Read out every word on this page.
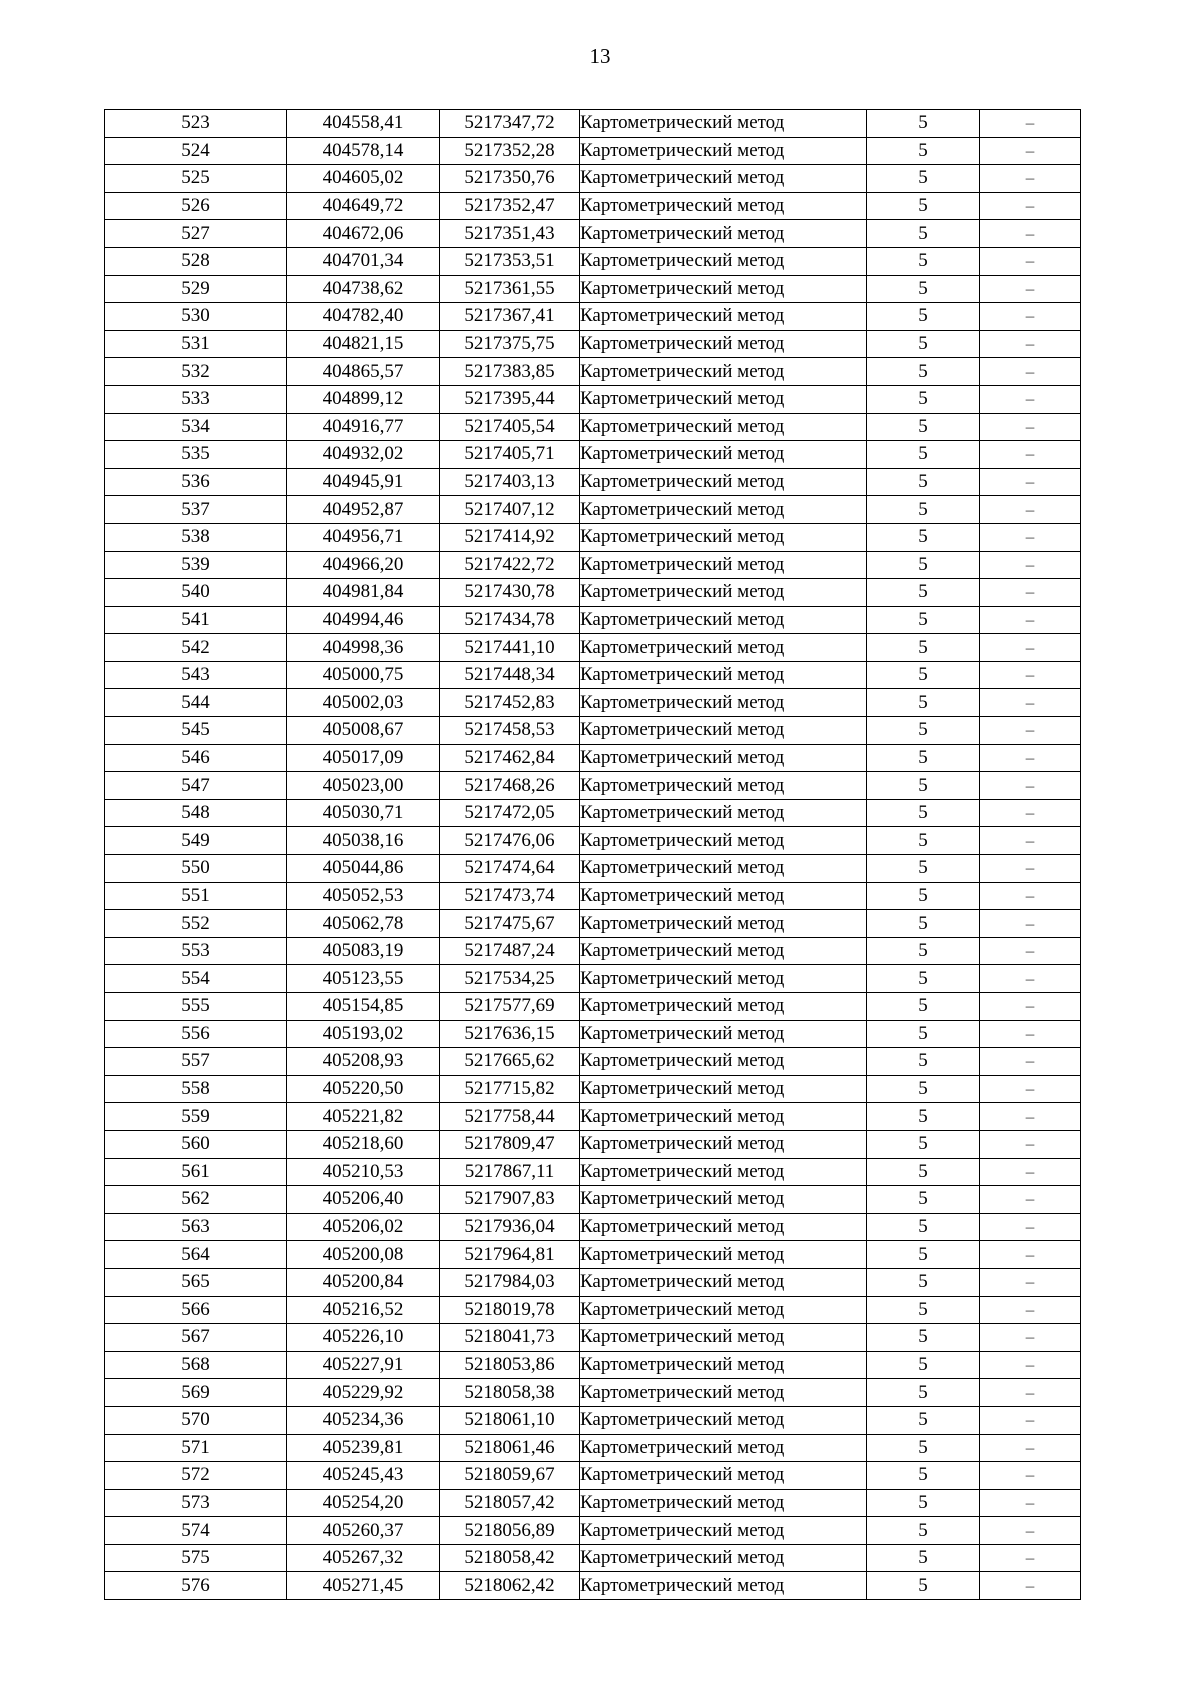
13
523	404558,41	5217347,72	Картометрический метод	5	–
524	404578,14	5217352,28	Картометрический метод	5	–
525	404605,02	5217350,76	Картометрический метод	5	–
526	404649,72	5217352,47	Картометрический метод	5	–
527	404672,06	5217351,43	Картометрический метод	5	–
528	404701,34	5217353,51	Картометрический метод	5	–
529	404738,62	5217361,55	Картометрический метод	5	–
530	404782,40	5217367,41	Картометрический метод	5	–
531	404821,15	5217375,75	Картометрический метод	5	–
532	404865,57	5217383,85	Картометрический метод	5	–
533	404899,12	5217395,44	Картометрический метод	5	–
534	404916,77	5217405,54	Картометрический метод	5	–
535	404932,02	5217405,71	Картометрический метод	5	–
536	404945,91	5217403,13	Картометрический метод	5	–
537	404952,87	5217407,12	Картометрический метод	5	–
538	404956,71	5217414,92	Картометрический метод	5	–
539	404966,20	5217422,72	Картометрический метод	5	–
540	404981,84	5217430,78	Картометрический метод	5	–
541	404994,46	5217434,78	Картометрический метод	5	–
542	404998,36	5217441,10	Картометрический метод	5	–
543	405000,75	5217448,34	Картометрический метод	5	–
544	405002,03	5217452,83	Картометрический метод	5	–
545	405008,67	5217458,53	Картометрический метод	5	–
546	405017,09	5217462,84	Картометрический метод	5	–
547	405023,00	5217468,26	Картометрический метод	5	–
548	405030,71	5217472,05	Картометрический метод	5	–
549	405038,16	5217476,06	Картометрический метод	5	–
550	405044,86	5217474,64	Картометрический метод	5	–
551	405052,53	5217473,74	Картометрический метод	5	–
552	405062,78	5217475,67	Картометрический метод	5	–
553	405083,19	5217487,24	Картометрический метод	5	–
554	405123,55	5217534,25	Картометрический метод	5	–
555	405154,85	5217577,69	Картометрический метод	5	–
556	405193,02	5217636,15	Картометрический метод	5	–
557	405208,93	5217665,62	Картометрический метод	5	–
558	405220,50	5217715,82	Картометрический метод	5	–
559	405221,82	5217758,44	Картометрический метод	5	–
560	405218,60	5217809,47	Картометрический метод	5	–
561	405210,53	5217867,11	Картометрический метод	5	–
562	405206,40	5217907,83	Картометрический метод	5	–
563	405206,02	5217936,04	Картометрический метод	5	–
564	405200,08	5217964,81	Картометрический метод	5	–
565	405200,84	5217984,03	Картометрический метод	5	–
566	405216,52	5218019,78	Картометрический метод	5	–
567	405226,10	5218041,73	Картометрический метод	5	–
568	405227,91	5218053,86	Картометрический метод	5	–
569	405229,92	5218058,38	Картометрический метод	5	–
570	405234,36	5218061,10	Картометрический метод	5	–
571	405239,81	5218061,46	Картометрический метод	5	–
572	405245,43	5218059,67	Картометрический метод	5	–
573	405254,20	5218057,42	Картометрический метод	5	–
574	405260,37	5218056,89	Картометрический метод	5	–
575	405267,32	5218058,42	Картометрический метод	5	–
576	405271,45	5218062,42	Картометрический метод	5	–
